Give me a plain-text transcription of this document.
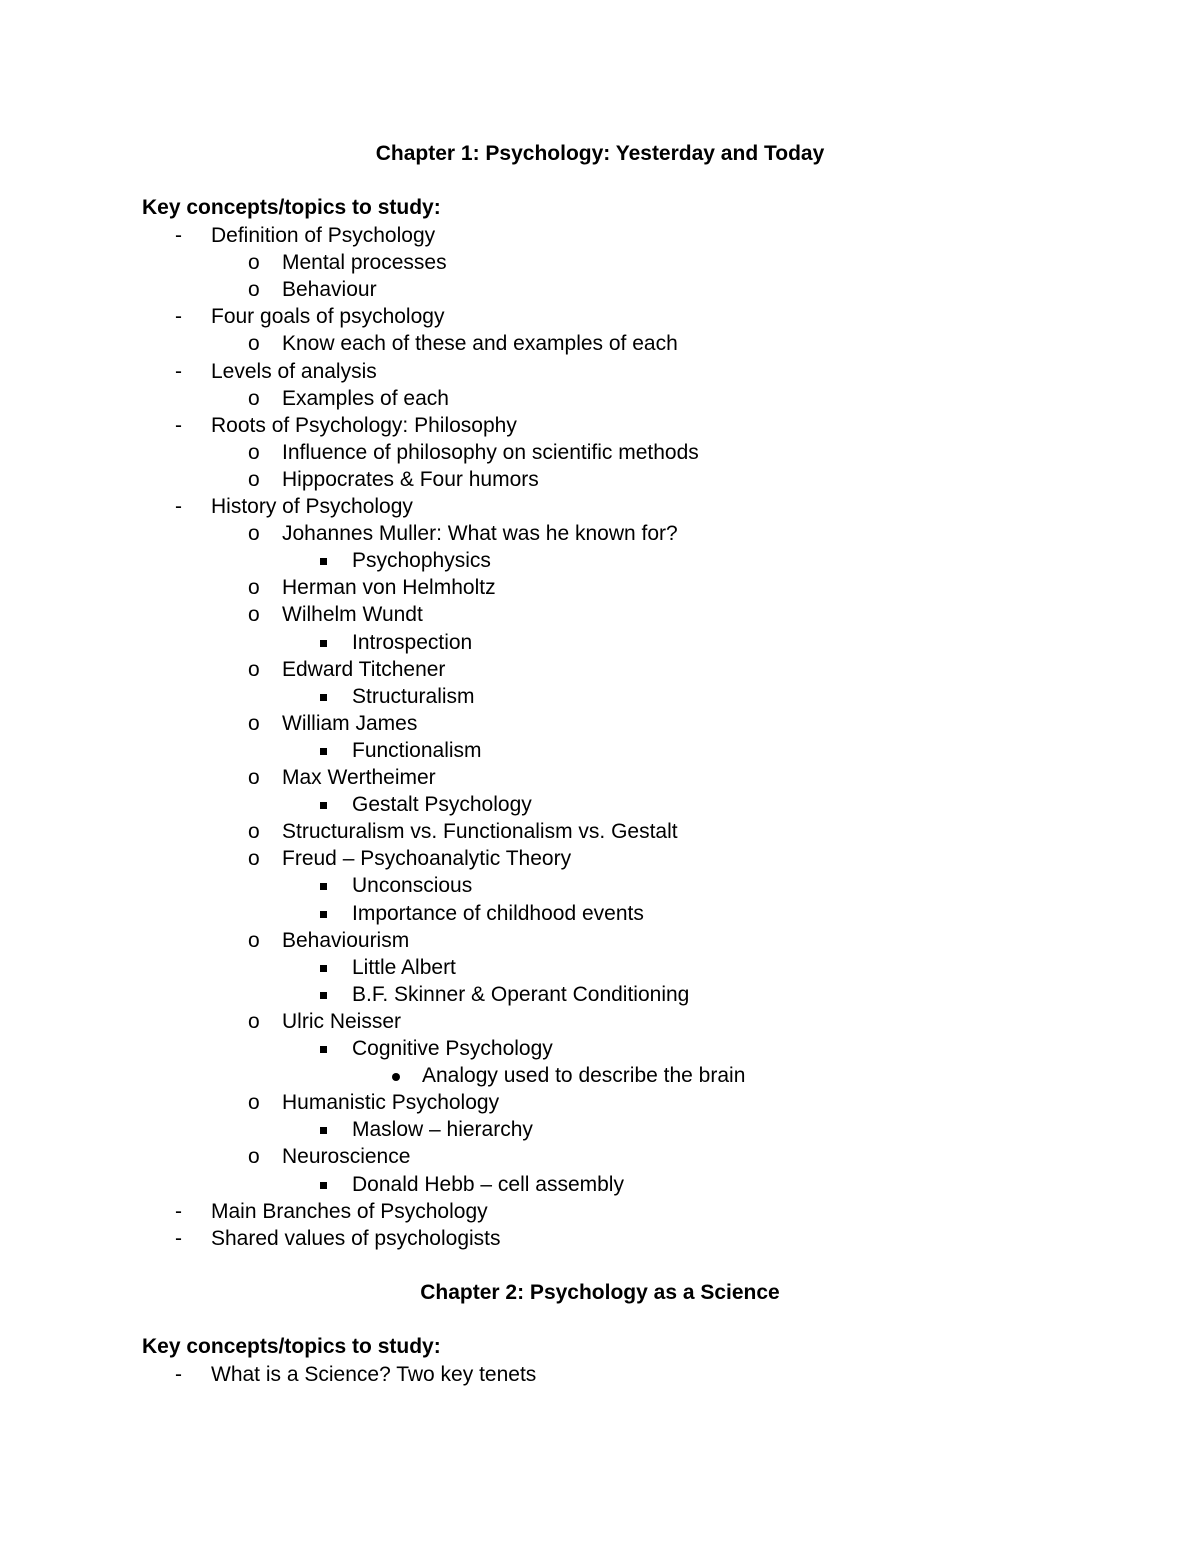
Chapter 1: Psychology: Yesterday and Today
Key concepts/topics to study:
- Definition of Psychology
o Mental processes
o Behaviour
- Four goals of psychology
o Know each of these and examples of each
- Levels of analysis
o Examples of each
- Roots of Psychology: Philosophy
o Influence of philosophy on scientific methods
o Hippocrates & Four humors
- History of Psychology
o Johannes Muller: What was he known for?
Psychophysics
o Herman von Helmholtz
o Wilhelm Wundt
Introspection
o Edward Titchener
Structuralism
o William James
Functionalism
o Max Wertheimer
Gestalt Psychology
o Structuralism vs. Functionalism vs. Gestalt
o Freud – Psychoanalytic Theory
Unconscious
Importance of childhood events
o Behaviourism
Little Albert
B.F. Skinner & Operant Conditioning
o Ulric Neisser
Cognitive Psychology
Analogy used to describe the brain
o Humanistic Psychology
Maslow – hierarchy
o Neuroscience
Donald Hebb – cell assembly
- Main Branches of Psychology
- Shared values of psychologists
Chapter 2: Psychology as a Science
Key concepts/topics to study:
- What is a Science? Two key tenets
